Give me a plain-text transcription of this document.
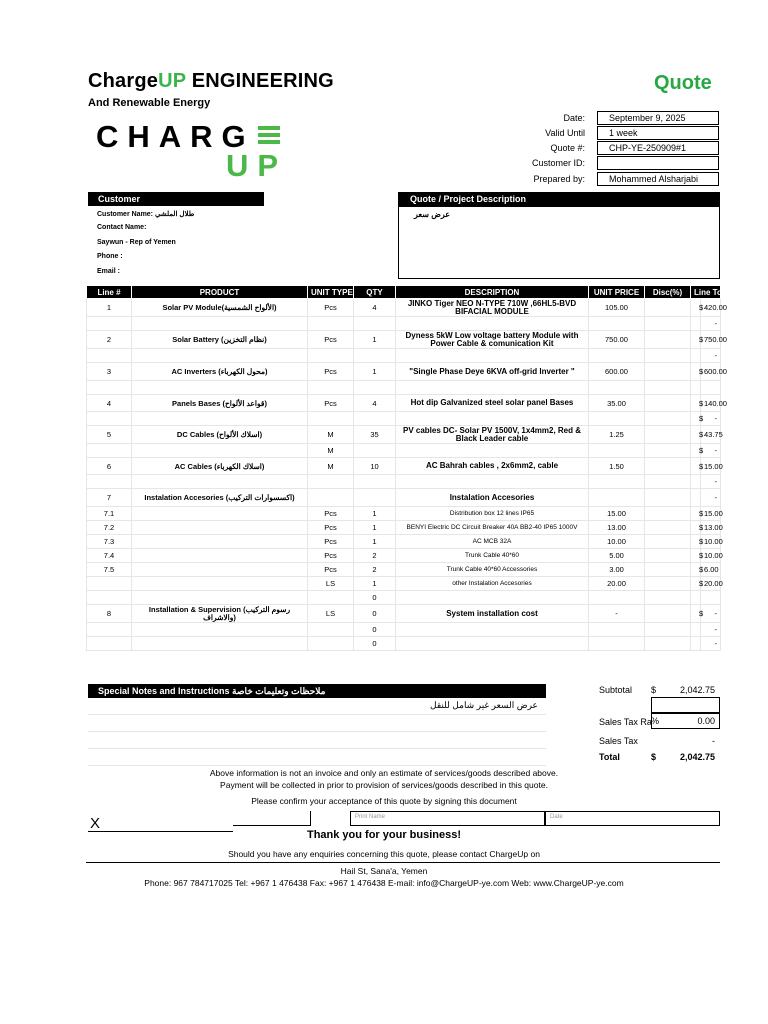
ChargeUP ENGINEERING
And Renewable Energy
Quote
CHARG
UP
Date:	September 9, 2025
Valid Until	1 week
Quote #:	CHP-YE-250909#1
Customer ID:
Prepared by:	Mohammed Alsharjabi
Customer
Customer Name: طلال الملشي
Contact Name:
Saywun - Rep of Yemen
Phone :
Email :
Quote / Project Description
عرض سعر
Line #	PRODUCT	UNIT TYPE	QTY	DESCRIPTION	UNIT PRICE	Disc(%)	Line Total	
1	Solar PV Module(الألواح الشمسية)	Pcs	4	JINKO Tiger NEO N-TYPE 710W ,66HL5-BVD BIFACIAL MODULE	105.00		$	420.00
								-
2	Solar Battery (نظام التخزين)	Pcs	1	Dyness 5kW Low voltage battery Module with Power Cable & comunication Kit	750.00		$	750.00
								-
3	AC Inverters (محول الكهرباء)	Pcs	1	"Single Phase Deye 6KVA off-grid Inverter "	600.00		$	600.00

4	Panels Bases (قواعد الألواح)	Pcs	4	Hot dip Galvanized steel solar panel Bases	35.00		$	140.00
							$	-
5	DC Cables (اسلاك الألواح)	M	35	PV cables DC- Solar PV 1500V, 1x4mm2, Red & Black Leader cable	1.25		$	43.75
		M					$	-
6	AC Cables (اسلاك الكهرباء)	M	10	AC Bahrah cables , 2x6mm2, cable	1.50		$	15.00
								-
7	Instalation Accesories (اكسسوارات التركيب)			Instalation Accesories				-
7.1		Pcs	1	Distribution box 12 lines IP65	15.00		$	15.00
7.2		Pcs	1	BENYI Electric DC Circuit Breaker 40A BB2-40 IP65 1000V	13.00		$	13.00
7.3		Pcs	1	AC MCB 32A	10.00		$	10.00
7.4		Pcs	2	Trunk Cable 40*60	5.00		$	10.00
7.5		Pcs	2	Trunk Cable 40*60 Accessories	3.00		$	6.00
		LS	1	other Instalation Accesories	20.00		$	20.00
			0					
8	Installation & Supervision (رسوم التركيب والاشراف)	LS	0	System installation cost	-		$	-
			0					-
			0					-
Special Notes and Instructions ملاحظات وتعليمات خاصة
عرض السعر غير شامل للنقل
Subtotal $	2,042.75
Sales Tax Ra %	0.00
Sales Tax	-
Total	$	2,042.75
Above information is not an invoice and only an estimate of services/goods described above.
Payment will be collected in prior to provision of services/goods described in this quote.
Please confirm your acceptance of this quote by signing this document
X	Print Name	Date
Thank you for your business!
Should you have any enquiries concerning this quote, please contact ChargeUp on
Hail St, Sana'a, Yemen
Phone: 967 784717025 Tel: +967 1 476438 Fax: +967 1 476438 E-mail: info@ChargeUP-ye.com Web: www.ChargeUP-ye.com
